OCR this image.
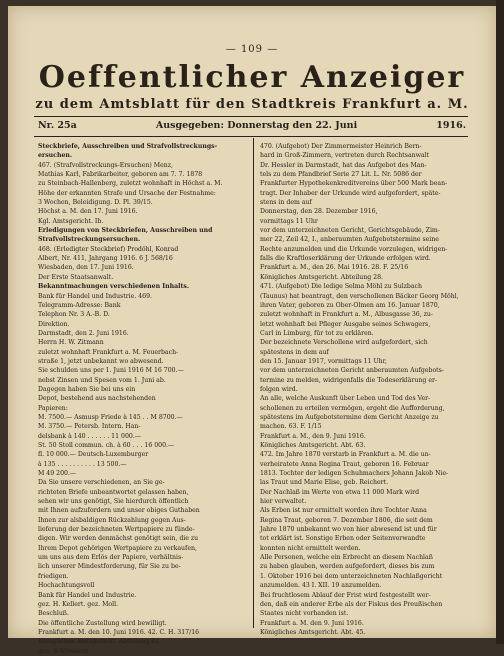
— 109 —
Oeffentlicher Anzeiger
zu dem Amtsblatt für den Stadtkreis Frankfurt a. M.
Nr. 25a	Ausgegeben: Donnerstag den 22. Juni	1916.
Steckbriefe, Ausschreiben und Strafvollstreckungs-
ersuchen.
467. (Strafvollstreckungs-Ersuchen) Menz,
Mathias Karl, Fabrikarbeiter, geboren am 7. 7. 1878
zu Steinbach-Hallenberg, zuletzt wohnhaft in Höchst a. M.
Höhe der erkannten Strafe und Ursache der Festnahme:
3 Wochen, Beleidigung. D. Pl. 39/15.
Höchst a. M. den 17. Juni 1916.
Kgl. Amtsgericht. Ib.
Erledigungen von Steckbriefen, Ausschreiben und
Strafvollstreckungsersuchen.
468. (Erledigter Steckbrief) Prodöhl, Konrad
Albert, Nr. 411, Jahrgang 1916. 6 J. 568/16
Wiesbaden, den 17. Juni 1916.
Der Erste Staatsanwalt.
Bekanntmachungen verschiedenen Inhalts.
Bank für Handel und Industrie. 469.
Telegramm-Adresse: Bank
Telephon Nr. 3 A.-B. D.
Direktion.
Darmstadt, den 2. Juni 1916.
Herrn H. W. Zitmann
zuletzt wohnhaft Frankfurt a. M. Feuerbach-
straße 1, jetzt unbekannt wo abwesend.
Sie schulden uns per 1. Juni 1916 M 16 700.—
nebst Zinsen und Spesen vom 1. Juni ab.
Dagegen haben Sie bei uns ein
Depot, bestehend aus nachstehenden
Papieren:
M. 7500.— Asmusp Friede à 145 . . M 8700.—
M. 3750.— Petersb. Intern. Han-
delsbank à 140 . . . . . . 11 000.—
St. 50 Stoll commun. ch. à 60 . . . 16 000.—
fl. 10 000.— Deutsch-Luxemburger
à 135 . . . . . . . . . . 13 500.—
M 49 200.—
Da Sie unsere verschiedenen, an Sie ge-
richteten Briefe unbeantwortet gelassen haben,
sehen wir uns genötigt, Sie hierdurch öffentlich
mit Ihnen aufzufordern und unser obiges Guthaben
Ihnen zur alsbaldigen Rückzahlung gegen Aus-
lieferung der bezeichneten Wertpapiere zu fünde-
digen. Wir werden denmächst genötigt sein, die zu
Ihrem Depot gehörigen Wertpapiere zu verkaufen,
um uns aus dem Erlös der Papiere, verhältnis-
lich unserer Mindestforderung, für Sie zu be-
friedigen.
Hochachtungsvoll
Bank für Handel und Industrie.
gez. H. Kellert. gez. Moll.
Beschluß.
Die öffentliche Zustellung wird bewilligt.
Frankfurt a. M. den 10. Juni 1916. 42. C. H. 317/16
Königliches Amtsgericht. Abteilung 42.
gez. Schlosstein.
470. (Aufgebot) Der Zimmermeister Heinrich Bern-
hard in Groß-Zimmern, vertreten durch Rechtsanwalt
Dr. Hessler in Darmstadt, hat das Aufgebot des Man-
tels zu dem Pfandbrief Serie 27 Lit. L. Nr. 5086 der
Frankfurter Hypothekenkreditvereins über 500 Mark bean-
tragt. Der Inhaber der Urkunde wird aufgefordert, späte-
stens in dem auf
Donnerstag, den 28. Dezember 1916,
vormittags 11 Uhr
vor dem unterzeichneten Gericht, Gerichtsgebäude, Zim-
mer 22, Zeil 42, I., anberaumten Aufgebotstermine seine
Rechte anzumelden und die Urkunde vorzulegen, widrigen-
falls die Kraftloserklärung der Urkunde erfolgen wird.
Frankfurt a. M., den 26. Mai 1916. 28. F. 25/16
Königliches Amtsgericht. Abteilung 28.
471. (Aufgebot) Die ledige Selma Möhl zu Sulzbach
(Taunus) hat beantragt, den verschollenen Bäcker Georg Möhl,
ihren Vater, geboren zu Ober-Olmen am 16. Januar 1870,
zuletzt wohnhaft in Frankfurt a. M., Albusgasse 36, zu-
letzt wohnhaft bei Pfleger Ausgabe seines Schwagers,
Carl in Limburg, für tot zu erklären.
Der bezeichnete Verschollene wird aufgefordert, sich
spätestens in dem auf
den 15. Januar 1917, vormittags 11 Uhr,
vor dem unterzeichneten Gericht anberaumten Aufgebots-
termine zu melden, widrigenfalls die Todeserklärung er-
folgen wird.
An alle, welche Auskunft über Leben und Tod des Ver-
schollenen zu erteilen vermögen, ergeht die Aufforderung,
spätestens im Aufgebotstermine dem Gericht Anzeige zu
machen. 63. F. 1/15
Frankfurt a. M., den 9. Juni 1916.
Königliches Amtsgericht. Abt. 63.
472. Im Jahre 1870 verstarb in Frankfurt a. M. die un-
verheiratete Anna Regina Traut, geboren 16. Februar
1813. Tochter der ledigen Schuhmachers Johann Jakob Nie-
las Traut und Marie Elise, geb. Reichert.
Der Nachlaß im Werte von etwa 11 000 Mark wird
hier verwaltet.
Als Erben ist nur ermittelt worden ihre Tochter Anna
Regina Traut, geboren 7. Dezember 1806, die seit dem
Jahre 1870 unbekannt wo von hier abwesend ist und für
tot erklärt ist. Sonstige Erben oder Seitenverwandte
konnten nicht ermittelt werden.
Alle Personen, welche ein Erbrecht an diesem Nachlaß
zu haben glauben, werden aufgefordert, dieses bis zum
1. Oktober 1916 bei dem unterzeichneten Nachlaßgericht
anzumelden. 43 I. XII. 19 anzumelden.
Bei fruchtlosem Ablauf der Frist wird festgestellt wer-
den, daß ein anderer Erbe als der Fiskus des Preußischen
Staates nicht vorhanden ist.
Frankfurt a. M. den 9. Juni 1916.
Königliches Amtsgericht. Abt. 45.
